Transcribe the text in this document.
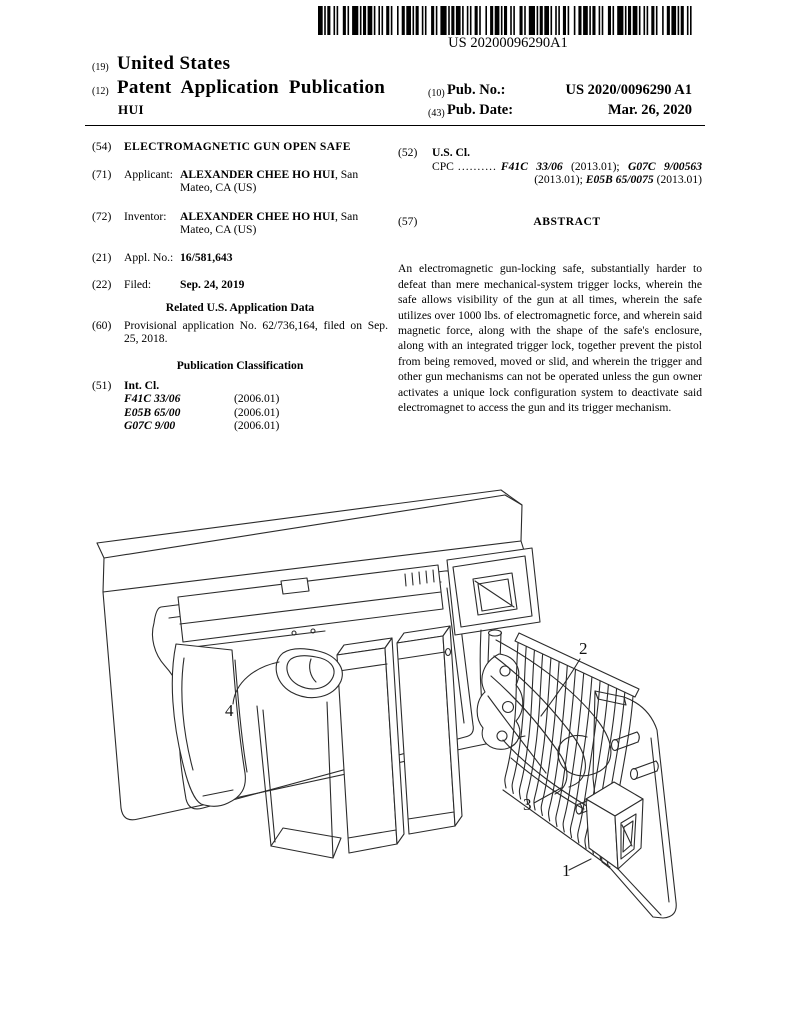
US 20200096290A1
(19) United States
(12) Patent Application Publication
HUI
(10) Pub. No.:	US 2020/0096290 A1
(43) Pub. Date:	Mar. 26, 2020
(54)	ELECTROMAGNETIC GUN OPEN SAFE
(71)	Applicant: ALEXANDER CHEE HO HUI, San Mateo, CA (US)
(72)	Inventor:	ALEXANDER CHEE HO HUI, San Mateo, CA (US)
(21)	Appl. No.: 16/581,643
(22)	Filed:	Sep. 24, 2019
Related U.S. Application Data
(60)	Provisional application No. 62/736,164, filed on Sep. 25, 2018.
Publication Classification
(51)	Int. Cl.
F41C 33/06	(2006.01)
E05B 65/00	(2006.01)
G07C 9/00	(2006.01)
(52)	U.S. Cl.
CPC .......... F41C 33/06 (2013.01); G07C 9/00563 (2013.01); E05B 65/0075 (2013.01)
(57)	ABSTRACT
An electromagnetic gun-locking safe, substantially harder to defeat than mere mechanical-system trigger locks, wherein the safe allows visibility of the gun at all times, wherein the safe utilizes over 1000 lbs. of electromagnetic force, and wherein said magnetic force, along with the shape of the safe's enclosure, along with an integrated trigger lock, together prevent the pistol from being removed, moved or slid, and wherein the trigger and other gun mechanisms can not be operated unless the gun owner activates a unique lock configuration system to deactivate said electromagnet to access the gun and its trigger mechanism.
1
2
3
4
